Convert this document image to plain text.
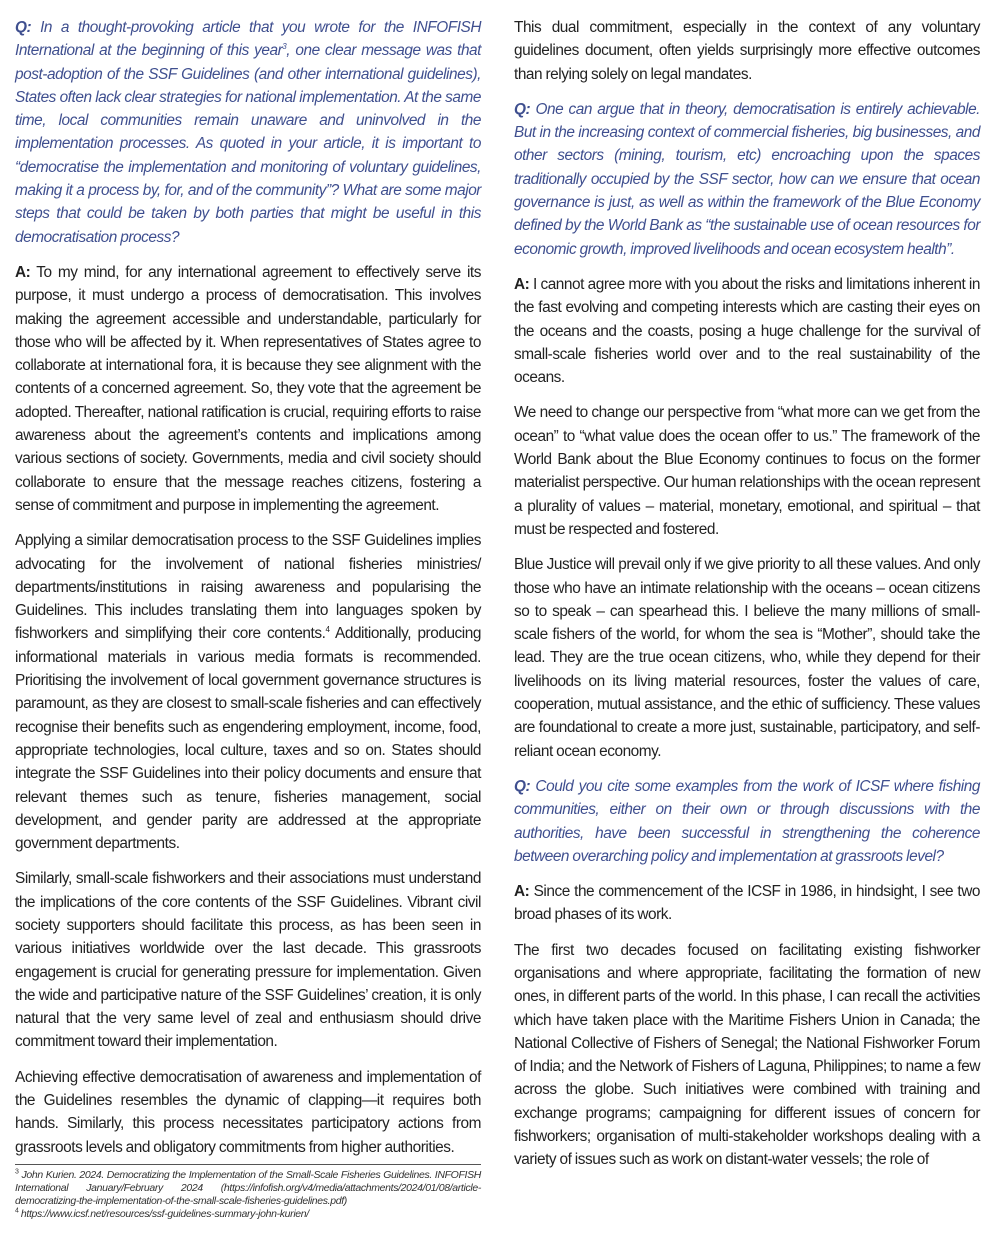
Q: In a thought-provoking article that you wrote for the INFOFISH International at the beginning of this year$^3$, one clear message was that post-adoption of the SSF Guidelines (and other international guidelines), States often lack clear strategies for national implementation. At the same time, local communities remain unaware and uninvolved in the implementation processes. As quoted in your article, it is important to “democratise the implementation and monitoring of voluntary guidelines, making it a process by, for, and of the community”? What are some major steps that could be taken by both parties that might be useful in this democratisation process?

A: To my mind, for any international agreement to effectively serve its purpose, it must undergo a process of democratisation. This involves making the agreement accessible and understandable, particularly for those who will be affected by it. When representatives of States agree to collaborate at international fora, it is because they see alignment with the contents of a concerned agreement. So, they vote that the agreement be adopted. Thereafter, national ratification is crucial, requiring efforts to raise awareness about the agreement’s contents and implications among various sections of society. Governments, media and civil society should collaborate to ensure that the message reaches citizens, fostering a sense of commitment and purpose in implementing the agreement.

Applying a similar democratisation process to the SSF Guidelines implies advocating for the involvement of national fisheries ministries/ departments/institutions in raising awareness and popularising the Guidelines. This includes translating them into languages spoken by fishworkers and simplifying their core contents.$^4$ Additionally, producing informational materials in various media formats is recommended. Prioritising the involvement of local government governance structures is paramount, as they are closest to small-scale fisheries and can effectively recognise their benefits such as engendering employment, income, food, appropriate technologies, local culture, taxes and so on. States should integrate the SSF Guidelines into their policy documents and ensure that relevant themes such as tenure, fisheries management, social development, and gender parity are addressed at the appropriate government departments.

Similarly, small-scale fishworkers and their associations must understand the implications of the core contents of the SSF Guidelines. Vibrant civil society supporters should facilitate this process, as has been seen in various initiatives worldwide over the last decade. This grassroots engagement is crucial for generating pressure for implementation. Given the wide and participative nature of the SSF Guidelines’ creation, it is only natural that the very same level of zeal and enthusiasm should drive commitment toward their implementation.

Achieving effective democratisation of awareness and implementation of the Guidelines resembles the dynamic of clapping—it requires both hands. Similarly, this process necessitates participatory actions from grassroots levels and obligatory commitments from higher authorities.

$^3$ John Kurien. 2024. Democratizing the Implementation of the Small-Scale Fisheries Guidelines. INFOFISH International January/February 2024 (https://infofish.org/v4/media/attachments/2024/01/08/article-democratizing-the-implementation-of-the-small-scale-fisheries-guidelines.pdf)

$^4$ https://www.icsf.net/resources/ssf-guidelines-summary-john-kurien/

This dual commitment, especially in the context of any voluntary guidelines document, often yields surprisingly more effective outcomes than relying solely on legal mandates.

Q: One can argue that in theory, democratisation is entirely achievable. But in the increasing context of commercial fisheries, big businesses, and other sectors (mining, tourism, etc) encroaching upon the spaces traditionally occupied by the SSF sector, how can we ensure that ocean governance is just, as well as within the framework of the Blue Economy defined by the World Bank as “the sustainable use of ocean resources for economic growth, improved livelihoods and ocean ecosystem health”.

A: I cannot agree more with you about the risks and limitations inherent in the fast evolving and competing interests which are casting their eyes on the oceans and the coasts, posing a huge challenge for the survival of small-scale fisheries world over and to the real sustainability of the oceans.

We need to change our perspective from “what more can we get from the ocean” to “what value does the ocean offer to us.” The framework of the World Bank about the Blue Economy continues to focus on the former materialist perspective. Our human relationships with the ocean represent a plurality of values – material, monetary, emotional, and spiritual – that must be respected and fostered.

Blue Justice will prevail only if we give priority to all these values. And only those who have an intimate relationship with the oceans – ocean citizens so to speak – can spearhead this. I believe the many millions of small-scale fishers of the world, for whom the sea is “Mother”, should take the lead. They are the true ocean citizens, who, while they depend for their livelihoods on its living material resources, foster the values of care, cooperation, mutual assistance, and the ethic of sufficiency. These values are foundational to create a more just, sustainable, participatory, and self-reliant ocean economy.

Q: Could you cite some examples from the work of ICSF where fishing communities, either on their own or through discussions with the authorities, have been successful in strengthening the coherence between overarching policy and implementation at grassroots level?

A: Since the commencement of the ICSF in 1986, in hindsight, I see two broad phases of its work.

The first two decades focused on facilitating existing fishworker organisations and where appropriate, facilitating the formation of new ones, in different parts of the world. In this phase, I can recall the activities which have taken place with the Maritime Fishers Union in Canada; the National Collective of Fishers of Senegal; the National Fishworker Forum of India; and the Network of Fishers of Laguna, Philippines; to name a few across the globe. Such initiatives were combined with training and exchange programs; campaigning for different issues of concern for fishworkers; organisation of multi-stakeholder workshops dealing with a variety of issues such as work on distant-water vessels; the role of
